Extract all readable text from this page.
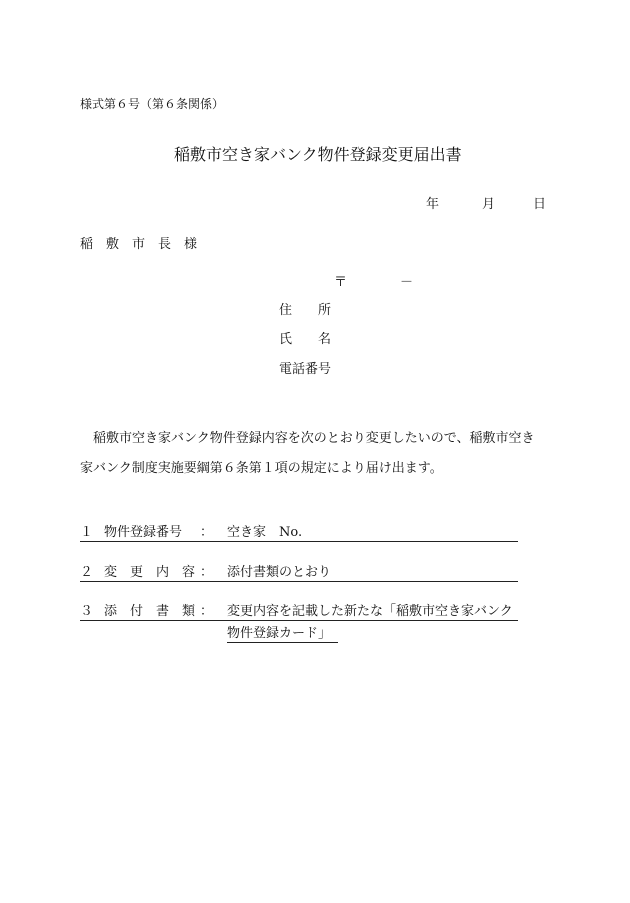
様式第６号（第６条関係）
稲敷市空き家バンク物件登録変更届出書
年	月	日
稲　敷　市　長　様
〒	－
住　　所
氏　　名
電話番号
稲敷市空き家バンク物件登録内容を次のとおり変更したいので、稲敷市空き
家バンク制度実施要綱第６条第１項の規定により届け出ます。
１ 物件登録番号 ： 空き家　No.
２ 変　更　内　容 ： 添付書類のとおり
３ 添　付　書　類 ： 変更内容を記載した新たな「稲敷市空き家バンク
物件登録カード」
